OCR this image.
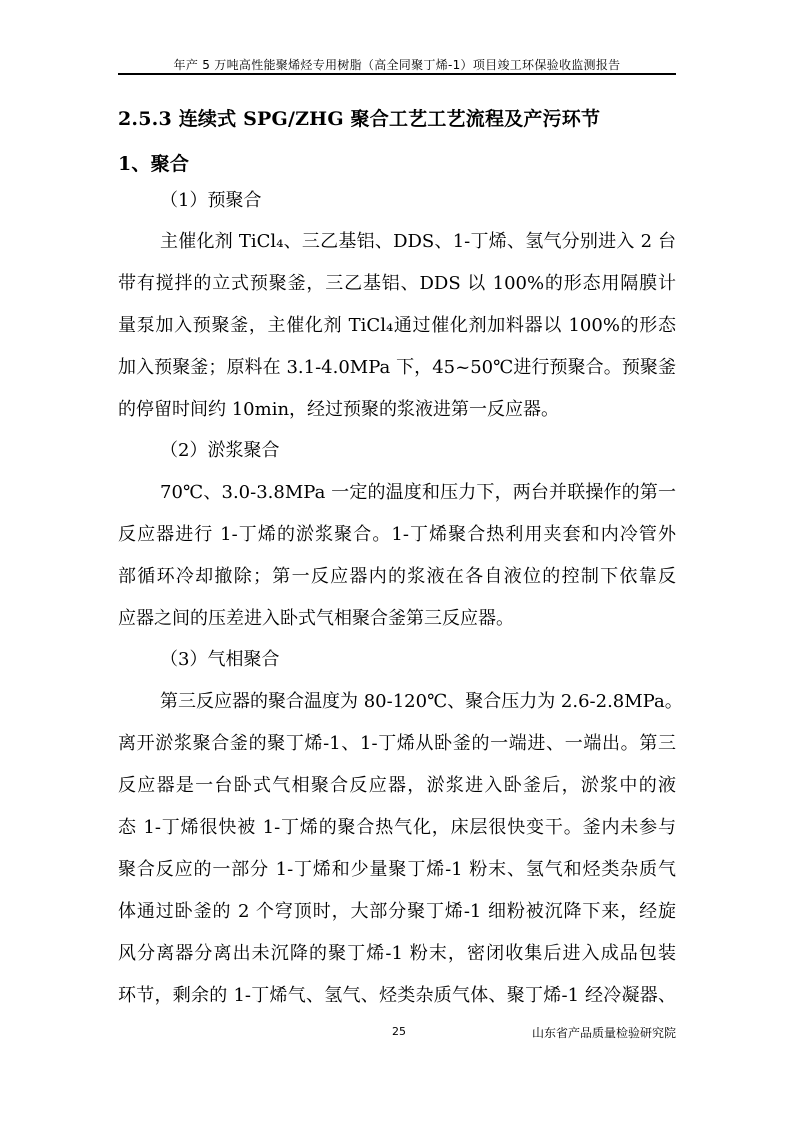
年产 5 万吨高性能聚烯烃专用树脂（高全同聚丁烯-1）项目竣工环保验收监测报告
2.5.3 连续式 SPG/ZHG 聚合工艺工艺流程及产污环节
1、聚合
（1）预聚合
主催化剂 TiCl₄、三乙基铝、DDS、1-丁烯、氢气分别进入 2 台
带有搅拌的立式预聚釜，三乙基铝、DDS 以 100%的形态用隔膜计
量泵加入预聚釜，主催化剂 TiCl₄通过催化剂加料器以 100%的形态
加入预聚釜；原料在 3.1-4.0MPa 下，45~50℃进行预聚合。预聚釜
的停留时间约 10min，经过预聚的浆液进第一反应器。
（2）淤浆聚合
70℃、3.0-3.8MPa 一定的温度和压力下，两台并联操作的第一
反应器进行 1-丁烯的淤浆聚合。1-丁烯聚合热利用夹套和内冷管外
部循环冷却撤除；第一反应器内的浆液在各自液位的控制下依靠反
应器之间的压差进入卧式气相聚合釜第三反应器。
（3）气相聚合
第三反应器的聚合温度为 80-120℃、聚合压力为 2.6-2.8MPa。
离开淤浆聚合釜的聚丁烯-1、1-丁烯从卧釜的一端进、一端出。第三
反应器是一台卧式气相聚合反应器，淤浆进入卧釜后，淤浆中的液
态 1-丁烯很快被 1-丁烯的聚合热气化，床层很快变干。釜内未参与
聚合反应的一部分 1-丁烯和少量聚丁烯-1 粉末、氢气和烃类杂质气
体通过卧釜的 2 个穹顶时，大部分聚丁烯-1 细粉被沉降下来，经旋
风分离器分离出未沉降的聚丁烯-1 粉末，密闭收集后进入成品包装
环节，剩余的 1-丁烯气、氢气、烃类杂质气体、聚丁烯-1 经冷凝器、
25	山东省产品质量检验研究院
